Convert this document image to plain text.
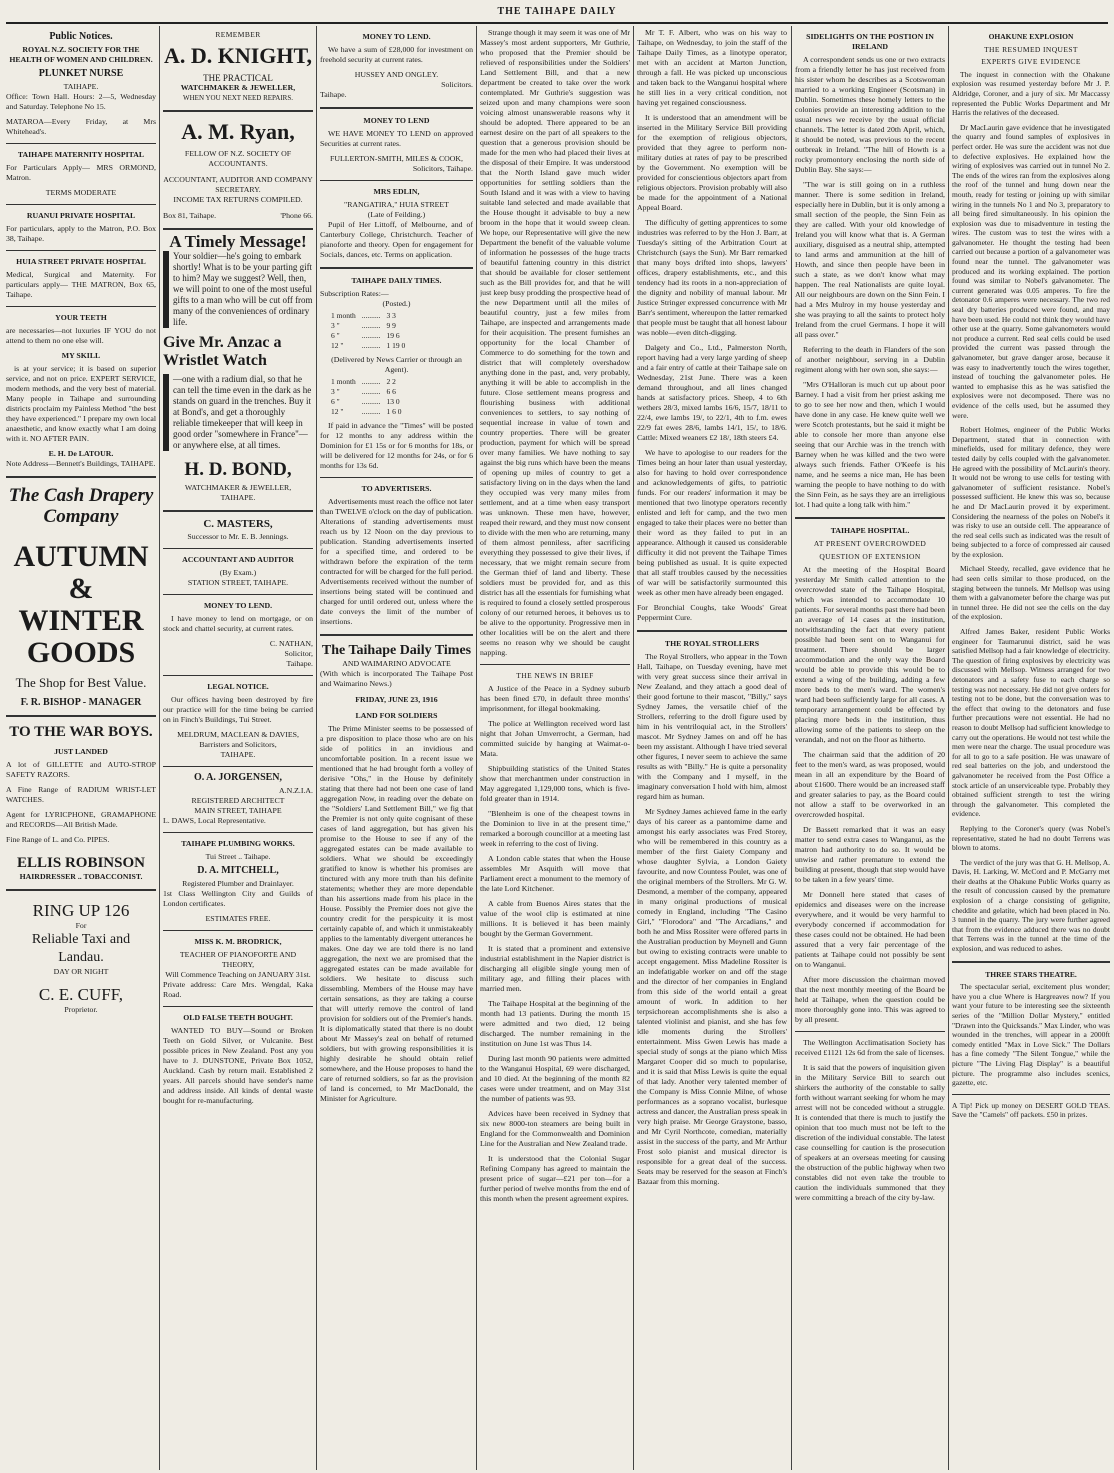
THE TAIHAPE DAILY
Public Notices.
ROYAL N.Z. SOCIETY FOR THE HEALTH OF WOMEN AND CHILDREN.
PLUNKET NURSE
TAIHAPE.

Office: Town Hall. Hours: 2—5, Wednesday and Saturday. Telephone No 15.

MATAROA—Every Friday, at Mrs Whitehead's.

TAIHAPE MATERNITY HOSPITAL

For Particulars Apply— MRS ORMOND, Matron.

TERMS MODERATE
RUANUI PRIVATE HOSPITAL

For particulars, apply to the Matron, P.O. Box 38, Taihape.

HUIA STREET PRIVATE HOSPITAL

Medical, Surgical and Maternity. For particulars apply— THE MATRON, Box 65, Taihape.

YOUR TEETH

are necessaries—not luxuries IF YOU do not attend to them no one else will.

MY SKILL

is at your service; it is based on superior service, and not on price. EXPERT SERVICE, modern methods, and the very best of material. Many people in Taihape and surrounding districts proclaim my Painless Method "the best they have experienced." I prepare my own local anaesthetic, and know exactly what I am doing with it. NO AFTER PAIN.

E. H. De LATOUR.

Note Address—Bennett's Buildings, TAIHAPE.

The Cash Drapery
Company
AUTUMN &
WINTER
GOODS
The Shop for Best Value.
F. R. BISHOP - MANAGER
TO THE WAR BOYS.
JUST LANDED

A lot of GILLETTE and AUTO-STROP SAFETY RAZORS.

A Fine Range of RADIUM WRIST-LET WATCHES.

Agent for LYRICPHONE, GRAMAPHONE and RECORDS—All British Made.

Fine Range of L. and Co. PIPES.

ELLIS ROBINSON
HAIRDRESSER .. TOBACCONIST.
RING UP 126
For
Reliable Taxi and
Landau.
DAY OR NIGHT
C. E. CUFF,
Proprietor.
REMEMBER
A. D. KNIGHT,
THE PRACTICAL
WATCHMAKER & JEWELLER,
WHEN YOU NEXT NEED REPAIRS.
A. M. Ryan,
FELLOW OF N.Z. SOCIETY OF ACCOUNTANTS.
ACCOUNTANT, AUDITOR AND COMPANY SECRETARY.
INCOME TAX RETURNS COMPILED.
Box 81, Taihape.	'Phone 66.
A Timely Message!
Your soldier—he's going to embark shortly! What is to be your parting gift to him? May we suggest? Well, then, we will point to one of the most useful gifts to a man who will be cut off from many of the conveniences of ordinary life.
Give Mr. Anzac a Wristlet Watch
—one with a radium dial, so that he can tell the time even in the dark as he stands on guard in the trenches. Buy it at Bond's, and get a thoroughly reliable timekeeper that will keep in good order "somewhere in France"—or anywhere else, at all times.
H. D. BOND,
WATCHMAKER & JEWELLER,
TAIHAPE.
C. MASTERS,
Successor to Mr. E. B. Jennings.
ACCOUNTANT AND AUDITOR
(By Exam.)
STATION STREET, TAIHAPE.
MONEY TO LEND.

I have money to lend on mortgage, or on stock and chattel security, at current rates.

C. NATHAN,
Solicitor,
Taihape.
LEGAL NOTICE.

Our offices having been destroyed by fire our practice will for the time being be carried on in Finch's Buildings, Tui Street.

MELDRUM, MACLEAN & DAVIES,
Barristers and Solicitors,
TAIHAPE.
O. A. JORGENSEN,
A.N.Z.I.A.
REGISTERED ARCHITECT
MAIN STREET, TAIHAPE
L. DAWS, Local Representative.
TAIHAPE PLUMBING WORKS.
Tui Street .. Taihape.
D. A. MITCHELL,
Registered Plumber and Drainlayer.

1st Class Wellington City and Guilds of London certificates.

ESTIMATES FREE.
MISS K. M. BRODRICK,
TEACHER OF PIANOFORTE AND THEORY,
Will Commence Teaching on JANUARY 31st.

Private address: Care Mrs. Wengdal, Kaka Road.

OLD FALSE TEETH BOUGHT.

WANTED TO BUY—Sound or Broken Teeth on Gold Silver, or Vulcanite. Best possible prices in New Zealand. Post any you have to J. DUNSTONE, Private Box 1052, Auckland. Cash by return mail. Established 2 years. All parcels should have sender's name and address inside. All kinds of dental waste bought for re-manufacturing.

MONEY TO LEND.

We have a sum of £28,000 for investment on freehold security at current rates.

HUSSEY AND ONGLEY.
Solicitors.
Taihape.
MONEY TO LEND

WE HAVE MONEY TO LEND on approved Securities at current rates.

FULLERTON-SMITH, MILES & COOK,
Solicitors, Taihape.
MRS EDLIN,
"RANGATIRA," HUIA STREET
(Late of Feilding.)

Pupil of Her Littoff, of Melbourne, and of Canterbury College, Christchurch. Teacher of pianoforte and theory. Open for engagement for Socials, dances, etc. Terms on application.

TAIHAPE DAILY TIMES.
Subscription Rates:—
(Posted.)
1 month	..........	3 3
3 "	..........	9 9
6 "	..........	19 6
12 "	..........	1 19 0
(Delivered by News Carrier or through an Agent).
1 month	..........	2 2
3 "	..........	6 6
6 "	..........	13 0
12 "	..........	1 6 0

If paid in advance the "Times" will be posted for 12 months to any address within the Dominion for £1 15s or for 6 months for 18s, or will be delivered for 12 months for 24s, or for 6 months for 13s 6d.

TO ADVERTISERS.

Advertisements must reach the office not later than TWELVE o'clock on the day of publication. Alterations of standing advertisements must reach us by 12 Noon on the day previous to publication. Standing advertisements inserted for a specified time, and ordered to be withdrawn before the expiration of the term contracted for will be charged for the full period. Advertisements received without the number of insertions being stated will be continued and charged for until ordered out, unless where the date conveys the limit of the number of insertions.

The Taihape Daily Times
AND WAIMARINO ADVOCATE

(With which is incorporated The Taihape Post and Waimarino News.)

FRIDAY, JUNE 23, 1916
LAND FOR SOLDIERS

The Prime Minister seems to be possessed of a pre disposition to place those who are on his side of politics in an invidious and uncomfortable position. In a recent issue we mentioned that he had brought forth a volley of derisive "Ohs," in the House by definitely stating that there had not been one case of land aggregation Now, in reading over the debate on the "Soldiers' Land Settlement Bill," we fig that the Premier is not only quite cognisant of these cases of land aggregation, but has given his promise to the House to see if any of the aggregated estates can be made available to soldiers. What we should be exceedingly gratified to know is whether his promises are tinctured with any more truth than his definite statements; whether they are more dependable than his assertions made from his place in the House. Possibly the Premier does not give the country credit for the perspicuity it is most certainly capable of, and which it unmistakeably applies to the lamentably divergent utterances he makes. One day we are told there is no land aggregation, the next we are promised that the aggregated estates can be made available for soldiers. We hesitate to discuss such dissembling. Members of the House may have certain sensations, as they are taking a course that will utterly remove the control of land provision for soldiers out of the Premier's hands. It is diplomatically stated that there is no doubt about Mr Massey's zeal on behalf of returned soldiers, but with growing responsibilities it is highly desirable he should obtain relief somewhere, and the House proposes to hand the care of returned soldiers, so far as the provision of land is concerned, to Mr MacDonald, the Minister for Agriculture.

Strange though it may seem it was one of Mr Massey's most ardent supporters, Mr Guthrie, who proposed that the Premier should be relieved of responsibilities under the Soldiers' Land Settlement Bill, and that a new department be created to take over the work contemplated. Mr Guthrie's suggestion was seized upon and many champions were soon voicing almost unanswerable reasons why it should be adopted. There appeared to be an earnest desire on the part of all speakers to the question that a generous provision should be made for the men who had placed their lives at the disposal of their Empire. It was understood that the North Island gave much wider opportunities for settling soldiers than the South Island and it was with a view to having suitable land selected and made available that the House thought it advisable to buy a new broom in the hope that it would sweep clean. We hope, our Representative will give the new Department the benefit of the valuable volume of information he possesses of the huge tracts of beautiful fattening country in this district that should be available for closer settlement such as the Bill provides for, and that he will just keep busy prodding the prospective head of the new Department until all the miles of beautiful country, just a few miles from Taihape, are inspected and arrangements made for their acquisition. The present furnishes an opportunity for the local Chamber of Commerce to do something for the town and district that will completely overshadow anything done in the past, and, very probably, anything it will be able to accomplish in the future. Close settlement means progress and flourishing business with additional conveniences to settlers, to say nothing of sequential increase in value of town and country properties. There will be greater production, payment for which will be spread over many families. We have nothing to say against the big runs which have been the means of opening up miles of country to get a satisfactory living on in the days when the land they occupied was very many miles from settlement, and at a time when easy transport was unknown. These men have, however, reaped their reward, and they must now consent to divide with the men who are returning, many of them almost penniless, after sacrificing everything they possessed to give their lives, if necessary, that we might remain secure from the German thief of land and liberty. These soldiers must be provided for, and as this district has all the essentials for furnishing what is required to found a closely settled prosperous colony of our returned heroes, it behoves us to be alive to the opportunity. Progressive men in other localities will be on the alert and there seems no reason why we should be caught napping.

THE NEWS IN BRIEF

A Justice of the Peace in a Sydney suburb has been fined £70, in default three months' imprisonment, for illegal bookmaking.

The police at Wellington received word last night that Johan Umverrocht, a German, had committed suicide by hanging at Waimat-o-Mata.

Shipbuilding statistics of the United States show that merchantmen under construction in May aggregated 1,129,000 tons, which is five-fold greater than in 1914.

"Blenheim is one of the cheapest towns in the Dominion to live in at the present time," remarked a borough councillor at a meeting last week in referring to the cost of living.

A London cable states that when the House assembles Mr Asquith will move that Parliament erect a monument to the memory of the late Lord Kitchener.

A cable from Buenos Aires states that the value of the wool clip is estimated at nine millions. It is believed it has been mainly bought by the German Government.

It is stated that a prominent and extensive industrial establishment in the Napier district is discharging all eligible single young men of military age, and filling their places with married men.

The Taihape Hospital at the beginning of the month had 13 patients. During the month 15 were admitted and two died, 12 being discharged. The number remaining in the institution on June 1st was Thus 14.

During last month 90 patients were admitted to the Wanganui Hospital, 69 were discharged, and 10 died. At the beginning of the month 82 cases were under treatment, and on May 31st the number of patients was 93.

Advices have been received in Sydney that six new 8000-ton steamers are being built in England for the Commonwealth and Dominion Line for the Australian and New Zealand trade.

It is understood that the Colonial Sugar Refining Company has agreed to maintain the present price of sugar—£21 per ton—for a further period of twelve months from the end of this month when the present agreement expires.

Mr T. F. Albert, who was on his way to Taihape, on Wednesday, to join the staff of the Taihape Daily Times, as a linotype operator, met with an accident at Marton Junction, through a fall. He was picked up unconscious and taken back to the Wanganui hospital where he still lies in a very critical condition, not having yet regained consciousness.

It is understood that an amendment will be inserted in the Military Service Bill providing for the exemption of religious objectors, provided that they agree to perform non-military duties at rates of pay to be prescribed by the Government. No exemption will be provided for conscientious objectors apart from religious objectors. Provision probably will also be made for the appointment of a National Appeal Board.

The difficulty of getting apprentices to some industries was referred to by the Hon J. Barr, at Tuesday's sitting of the Arbitration Court at Christchurch (says the Sun). Mr Barr remarked that many boys drifted into shops, lawyers' offices, drapery establishments, etc., and this tendency had its roots in a non-appreciation of the dignity and nobility of manual labour. Mr Justice Stringer expressed concurrence with Mr Barr's sentiment, whereupon the latter remarked that people must be taught that all honest labour was noble—even ditch-digging.

Dalgety and Co., Ltd., Palmerston North, report having had a very large yarding of sheep and a fair entry of cattle at their Taihape sale on Wednesday, 21st June. There was a keen demand throughout, and all lines changed hands at satisfactory prices. Sheep, 4 to 6th wethers 28/3, mixed lambs 16/6, 15/7, 18/11 to 22/4, ewe lambs 19/, to 22/1, 4th to f.m. ewes 22/9 fat ewes 28/6, lambs 14/1, 15/, to 18/6. Cattle: Mixed weaners £2 18/, 18th steers £4.

We have to apologise to our readers for the Times being an hour later than usual yesterday, also for having to hold over correspondence and acknowledgements of gifts, to patriotic funds. For our readers' information it may be mentioned that two linotype operators recently enlisted and left for camp, and the two men engaged to take their places were no better than their word as they failed to put in an appearance. Although it caused us considerable difficulty it did not prevent the Taihape Times being published as usual. It is quite expected that all staff troubles caused by the necessities of war will be satisfactorily surmounted this week as other men have already been engaged.

For Bronchial Coughs, take Woods' Great Peppermint Cure.

THE ROYAL STROLLERS

The Royal Strollers, who appear in the Town Hall, Taihape, on Tuesday evening, have met with very great success since their arrival in New Zealand, and they attach a good deal of their good fortune to their mascot, "Billy," says Sydney James, the versatile chief of the Strollers, referring to the droll figure used by him in his ventriloquial act, in the Strollers' mascot. Mr Sydney James on and off he has been my assistant. Although I have tried several other figures, I never seem to achieve the same results as with "Billy." He is quite a personality with the Company and I myself, in the imaginary conversation I hold with him, almost regard him as human.

Mr Sydney James achieved fame in the early days of his career as a pantomime dame and amongst his early associates was Fred Storey, who will be remembered in this country as a member of the first Gaiety Company and whose daughter Sylvia, a London Gaiety favourite, and now Countess Poulet, was one of the original members of the Strollers. Mr G. W. Desmond, a member of the company, appeared in many original productions of musical comedy in England, including "The Casino Girl," "Florodora" and "The Arcadians," and both he and Miss Rossiter were offered parts in the Australian production by Meynell and Gunn but owing to existing contracts were unable to accept engagement. Miss Madeline Rossiter is an indefatigable worker on and off the stage and the director of her companies in England from this side of the world entail a great amount of work. In addition to her terpsichorean accomplishments she is also a talented violinist and pianist, and she has few idle moments during the Strollers' entertainment. Miss Gwen Lewis has made a special study of songs at the piano which Miss Margaret Cooper did so much to popularise, and it is said that Miss Lewis is quite the equal of that lady. Another very talented member of the Company is Miss Connie Milne, of whose performances as a soprano vocalist, burlesque actress and dancer, the Australian press speak in very high praise. Mr George Graystone, basso, and Mr Cyril Northcote, comedian, materially assist in the success of the party, and Mr Arthur Frost solo pianist and musical director is responsible for a great deal of the success. Seats may be reserved for the season at Finch's Bazaar from this morning.

SIDELIGHTS ON THE POSTION IN IRELAND

A correspondent sends us one or two extracts from a friendly letter he has just received from his sister whom he describes as a Scotswoman married to a working Engineer (Scotsman) in Dublin. Sometimes these homely letters to the colonies provide an interesting addition to the usual news we receive by the usual official channels. The letter is dated 20th April, which, it should be noted, was previous to the recent outbreak in Ireland. "The hill of Howth is a rocky promontory enclosing the north side of Dublin Bay. She says:—

"The war is still going on in a ruthless manner. There is some sedition in Ireland, especially here in Dublin, but it is only among a small section of the people, the Sinn Fein as they are called. With your old knowledge of Ireland you will know what that is. A German auxiliary, disguised as a neutral ship, attempted to land arms and ammunition at the hill of Howth, and since then people have been in such a state, as we don't know what may happen. The real Nationalists are quite loyal. All our neighbours are down on the Sinn Fein. I had a Mrs Mulroy in my house yesterday and she was praying to all the saints to protect holy Ireland from the cruel Germans. I hope it will all pass over."

Referring to the death in Flanders of the son of another neighbour, serving in a Dublin regiment along with her own son, she says:—

"Mrs O'Halloran is much cut up about poor Barney. I had a visit from her priest asking me to go to see her now and then, which I would have done in any case. He knew quite well we were Scotch protestants, but he said it might be able to console her more than anyone else seeing that our Archie was in the trench with Barney when he was killed and the two were always such friends. Father O'Keefe is his name, and he seems a nice man, He has been warning the people to have nothing to do with the Sinn Fein, as he says they are an irreligious lot. I had quite a long talk with him."

TAIHAPE HOSPITAL.
AT PRESENT OVERCROWDED
QUESTION OF EXTENSION

At the meeting of the Hospital Board yesterday Mr Smith called attention to the overcrowded state of the Taihape Hospital, which was intended to accommodate 10 patients. For several months past there had been an average of 14 cases at the institution, notwithstanding the fact that every patient possible had been sent on to Wanganui for treatment. There should be larger accommodation and the only way the Board would be able to provide this would be to extend a wing of the building, adding a few more beds to the men's ward. The women's ward had been sufficiently large for all cases. A temporary arrangement could be effected by placing more beds in the institution, thus allowing some of the patients to sleep on the verandah, and not on the floor as hitherto.

The chairman said that the addition of 20 feet to the men's ward, as was proposed, would mean in all an expenditure by the Board of about £1600. There would be an increased staff and greater salaries to pay, as the Board could not allow a staff to be overworked in an overcrowded hospital.

Dr Bassett remarked that it was an easy matter to send extra cases to Wanganui, as the matron had authority to do so. It would be unwise and rather premature to extend the building at present, though that step would have to be taken in a few years' time.

Mr Donnell here stated that cases of epidemics and diseases were on the increase everywhere, and it would be very harmful to everybody concerned if accommodation for these cases could not be obtained. He had been assured that a very fair percentage of the patients at Taihape could not possibly be sent on to Wanganui.

After more discussion the chairman moved that the next monthly meeting of the Board be held at Taihape, when the question could be more thoroughly gone into. This was agreed to by all present.

The Wellington Acclimatisation Society has received £1121 12s 6d from the sale of licenses.

It is said that the powers of inquisition given in the Military Service Bill to search out shirkers the authority of the constable to sally forth without warrant seeking for whom he may arrest will not be conceded without a struggle. It is contended that there is much to justify the opinion that too much must not be left to the discretion of the individual constable. The latest case counselling for caution is the prosecution of speakers at an overseas meeting for causing the obstruction of the public highway when two constables did not even take the trouble to caution the individuals summoned that they were committing a breach of the city by-law.

OHAKUNE EXPLOSION
THE RESUMED INQUEST
EXPERTS GIVE EVIDENCE

The inquest in connection with the Ohakune explosion was resumed yesterday before Mr J. P. Aldridge, Coroner, and a jury of six. Mr Maccassy represented the Public Works Department and Mr Harris the relatives of the deceased.

Dr MacLaurin gave evidence that he investigated the quarry and found samples of explosives in perfect order. He was sure the accident was not due to defective explosives. He explained how the wiring of explosives was carried out in tunnel No 2. The ends of the wires ran from the explosives along the roof of the tunnel and hung down near the mouth, ready for testing or joining up with similar wiring in the tunnels No 1 and No 3, preparatory to all being fired simultaneously. In his opinion the explosion was due to misadventure in testing the wires. The custom was to test the wires with a galvanometer. He thought the testing had been carried out because a portion of a galvanometer was found near the tunnel. The galvanometer was produced and its working explained. The portion found was similar to Nobel's galvanometer. The current generated was 0.05 amperes. To fire the detonator 0.6 amperes were necessary. The two red seal dry batteries produced were found, and may have been used. He could not think they would have other use at the quarry. Some galvanometers would not produce a current. Red seal cells could be used provided the current was passed through the galvanometer, but grave danger arose, because it was easy to inadvertently touch the wires together, instead of touching the galvanometer poles. He wanted to emphasise this as he was satisfied the explosives were not decomposed. There was no evidence of the cells used, but he assumed they were.

Robert Holmes, engineer of the Public Works Department, stated that in connection with minefields, used for military defence, they were tested daily by cells coupled with the galvanometer. He agreed with the possibility of McLaurin's theory. It would not be wrong to use cells for testing with galvanometer of sufficient resistance. Nobel's possessed sufficient. He knew this was so, because he and Dr MacLaurin proved it by experiment. Considering the nearness of the poles on Nobel's it was risky to use an outside cell. The appearance of the red seal cells such as indicated was the result of being subjected to a force of compressed air caused by the explosion.

Michael Steedy, recalled, gave evidence that he had seen cells similar to those produced, on the staging between the tunnels. Mr Mellsop was using them with a galvanometer before the charge was put in tunnel three. He did not see the cells on the day of the explosion.

Alfred James Baker, resident Public Works engineer for Taumarunui district, said he was satisfied Mellsop had a fair knowledge of electricity. The question of firing explosives by electricity was discussed with Mellsop. Witness arranged for two detonators and a safety fuse to each charge so testing was not necessary. He did not give orders for testing not to be done, but the conversation was to the effect that owing to the detonators and fuse further precautions were not essential. He had no reason to doubt Mellsop had sufficient knowledge to carry out the operations. He would not test while the men were near the charge. The usual procedure was for all to go to a safe position. He was unaware of red seal batteries on the job, and understood the galvanometer he received from the Post Office a stock article of an unserviceable type. Probably they obtained sufficient strength to test the wiring through the galvanometer. This completed the evidence.

Replying to the Coroner's query (was Nobel's representative, stated he had no doubt Terrens was blown to atoms.

The verdict of the jury was that G. H. Mellsop, A. Davis, H. Larking, W. McCord and P. McGarry met their deaths at the Ohakune Public Works quarry as the result of concussion caused by the premature explosion of a charge consisting of gelignite, cheddite and gelatite, which had been placed in No. 3 tunnel in the quarry. The jury were further agreed that from the evidence adduced there was no doubt that Terrens was in the tunnel at the time of the explosion, and was reduced to ashes.

THREE STARS THEATRE.

The spectacular serial, excitement plus wonder; have you a clue Where is Hargreaves now? If you want your future to be interesting see the sixteenth series of the "Million Dollar Mystery," entitled "Drawn into the Quicksands." Max Linder, who was wounded in the trenches, will appear in a 2000ft comedy entitled "Max in Love Sick." The Dollars has a fine comedy "The Silent Tongue," while the picture "The Living Flag Display" is a beautiful picture. The programme also includes scenics, gazette, etc.

A Tip! Pick up money on DESERT GOLD TEAS. Save the "Camels" off packets. £50 in prizes.
